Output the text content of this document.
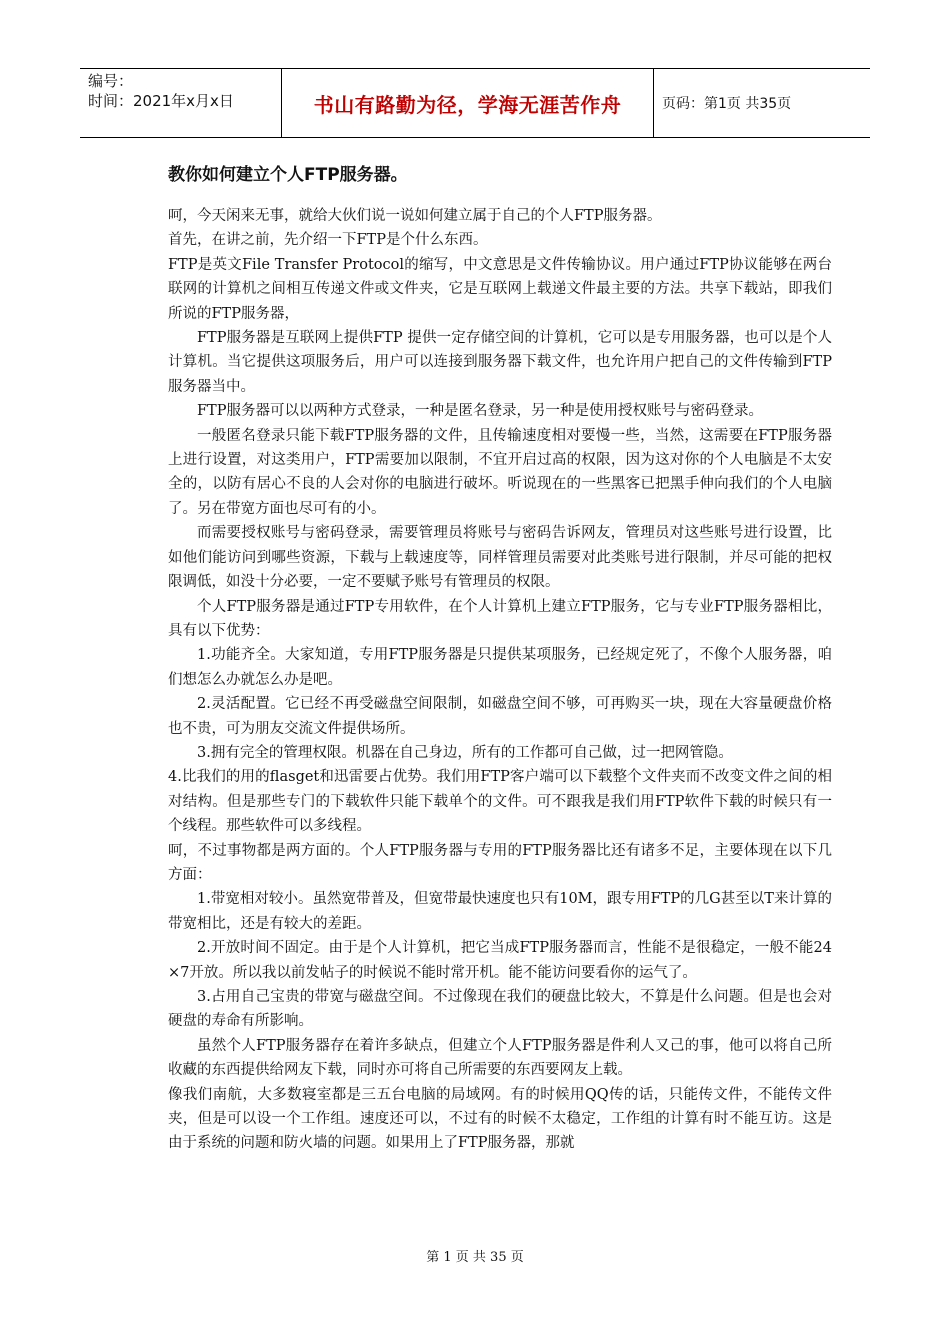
编号：
时间：2021年x月x日	书山有路勤为径，学海无涯苦作舟	页码：第1页 共35页
教你如何建立个人FTP服务器。

呵，今天闲来无事，就给大伙们说一说如何建立属于自己的个人FTP服务器。

首先，在讲之前，先介绍一下FTP是个什么东西。

FTP是英文File Transfer Protocol的缩写，中文意思是文件传输协议。用户通过FTP协议能够在两台联网的计算机之间相互传递文件或文件夹，它是互联网上载递文件最主要的方法。共享下载站，即我们所说的FTP服务器，

FTP服务器是互联网上提供FTP 提供一定存储空间的计算机，它可以是专用服务器，也可以是个人计算机。当它提供这项服务后，用户可以连接到服务器下载文件，也允许用户把自己的文件传输到FTP服务器当中。

FTP服务器可以以两种方式登录，一种是匿名登录，另一种是使用授权账号与密码登录。

一般匿名登录只能下载FTP服务器的文件，且传输速度相对要慢一些，当然，这需要在FTP服务器上进行设置，对这类用户，FTP需要加以限制，不宜开启过高的权限，因为这对你的个人电脑是不太安全的，以防有居心不良的人会对你的电脑进行破坏。听说现在的一些黑客已把黑手伸向我们的个人电脑了。另在带宽方面也尽可有的小。

而需要授权账号与密码登录，需要管理员将账号与密码告诉网友，管理员对这些账号进行设置，比如他们能访问到哪些资源，下载与上载速度等，同样管理员需要对此类账号进行限制，并尽可能的把权限调低，如没十分必要，一定不要赋予账号有管理员的权限。

个人FTP服务器是通过FTP专用软件，在个人计算机上建立FTP服务，它与专业FTP服务器相比，具有以下优势：

1.功能齐全。大家知道，专用FTP服务器是只提供某项服务，已经规定死了，不像个人服务器，咱们想怎么办就怎么办是吧。

2.灵活配置。它已经不再受磁盘空间限制，如磁盘空间不够，可再购买一块，现在大容量硬盘价格也不贵，可为朋友交流文件提供场所。

3.拥有完全的管理权限。机器在自己身边，所有的工作都可自己做，过一把网管隐。

4.比我们的用的flasget和迅雷要占优势。我们用FTP客户端可以下载整个文件夹而不改变文件之间的相对结构。但是那些专门的下载软件只能下载单个的文件。可不跟我是我们用FTP软件下载的时候只有一个线程。那些软件可以多线程。

呵，不过事物都是两方面的。个人FTP服务器与专用的FTP服务器比还有诸多不足，主要体现在以下几方面：

1.带宽相对较小。虽然宽带普及，但宽带最快速度也只有10M，跟专用FTP的几G甚至以T来计算的带宽相比，还是有较大的差距。

2.开放时间不固定。由于是个人计算机，把它当成FTP服务器而言，性能不是很稳定，一般不能24×7开放。所以我以前发帖子的时候说不能时常开机。能不能访问要看你的运气了。

3.占用自己宝贵的带宽与磁盘空间。不过像现在我们的硬盘比较大，不算是什么问题。但是也会对硬盘的寿命有所影响。

虽然个人FTP服务器存在着许多缺点，但建立个人FTP服务器是件利人又己的事，他可以将自己所收藏的东西提供给网友下载，同时亦可将自己所需要的东西要网友上载。

像我们南航，大多数寝室都是三五台电脑的局域网。有的时候用QQ传的话，只能传文件，不能传文件夹，但是可以设一个工作组。速度还可以，不过有的时候不太稳定，工作组的计算有时不能互访。这是由于系统的问题和防火墙的问题。如果用上了FTP服务器，那就

第 1 页 共 35 页
